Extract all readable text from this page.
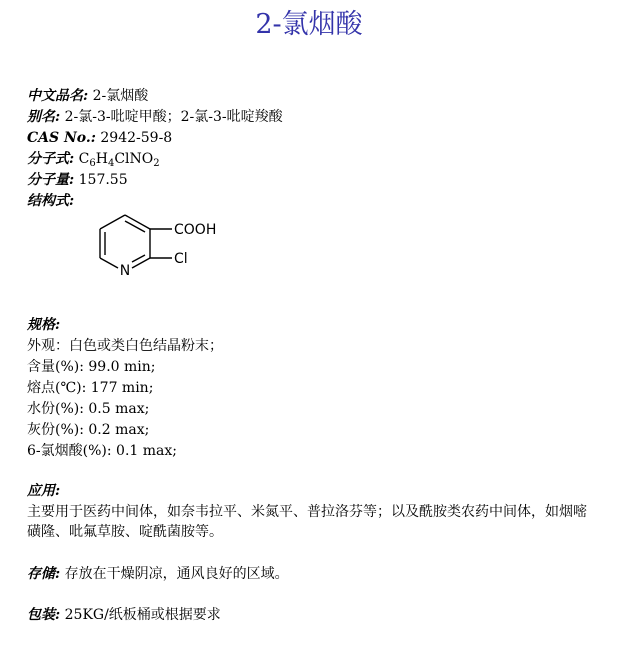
2-氯烟酸
中文品名: 2-氯烟酸
别名: 2-氯-3-吡啶甲酸；2-氯-3-吡啶羧酸
CAS No.: 2942-59-8
分子式: $C_6H_4ClNO_2$
分子量: 157.55
结构式:
N
COOH
Cl
规格:
外观：白色或类白色结晶粉末；
含量(%): 99.0 min;
熔点(℃): 177 min;
水份(%): 0.5 max;
灰份(%): 0.2 max;
6-氯烟酸(%): 0.1 max;
应用:
主要用于医药中间体，如奈韦拉平、米氮平、普拉洛芬等；以及酰胺类农药中间体，如烟嘧磺隆、吡氟草胺、啶酰菌胺等。
存储: 存放在干燥阴凉，通风良好的区域。
包装: 25KG/纸板桶或根据要求
